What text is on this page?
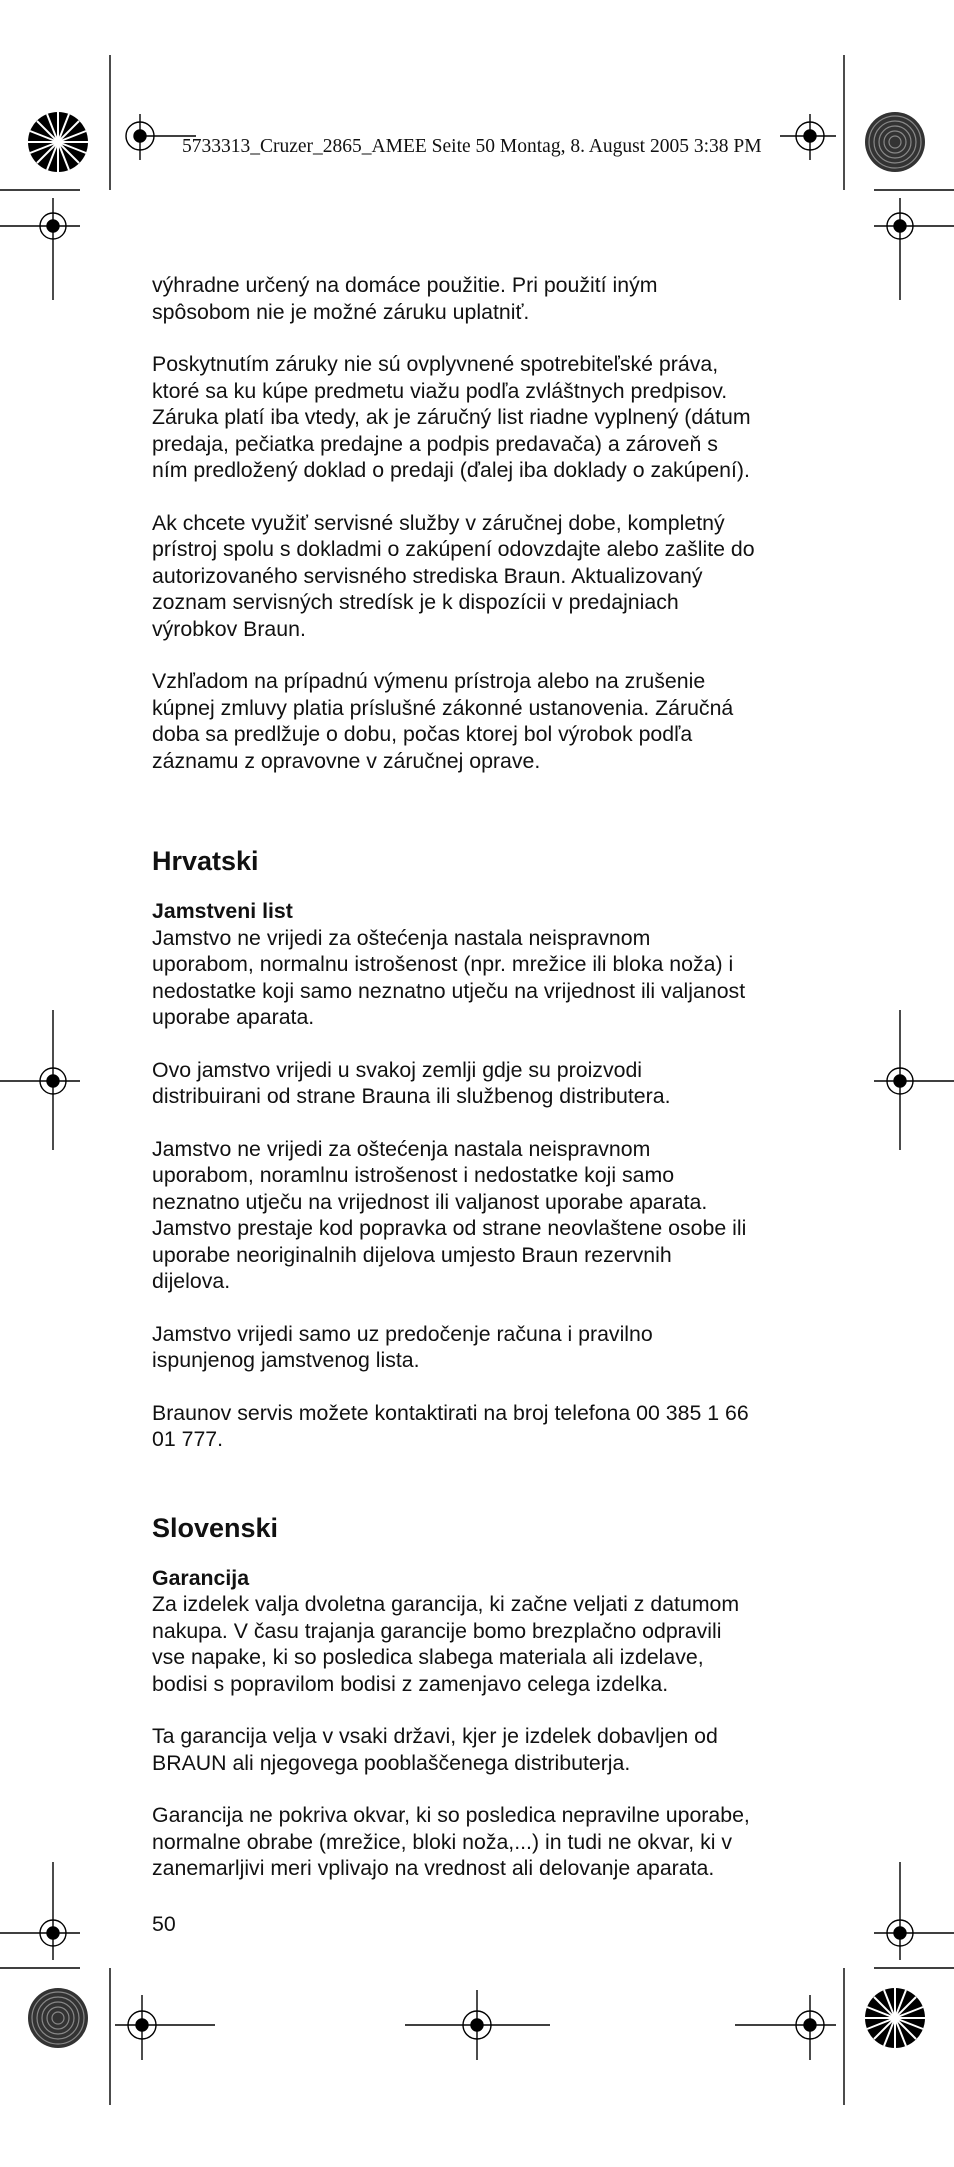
5733313_Cruzer_2865_AMEE Seite 50 Montag, 8. August 2005 3:38 PM
výhradne určený na domáce použitie. Pri použití iným
spôsobom nie je možné záruku uplatniť.
Poskytnutím záruky nie sú ovplyvnené spotrebiteľské práva,
ktoré sa ku kúpe predmetu viažu podľa zvláštnych predpisov.
Záruka platí iba vtedy, ak je záručný list riadne vyplnený (dátum
predaja, pečiatka predajne a podpis predavača) a zároveň s
ním predložený doklad o predaji (ďalej iba doklady o zakúpení).
Ak chcete využiť servisné služby v záručnej dobe, kompletný
prístroj spolu s dokladmi o zakúpení odovzdajte alebo zašlite do
autorizovaného servisného strediska Braun. Aktualizovaný
zoznam servisných stredísk je k dispozícii v predajniach
výrobkov Braun.
Vzhľadom na prípadnú výmenu prístroja alebo na zrušenie
kúpnej zmluvy platia príslušné zákonné ustanovenia. Záručná
doba sa predlžuje o dobu, počas ktorej bol výrobok podľa
záznamu z opravovne v záručnej oprave.
Hrvatski
Jamstveni list
Jamstvo ne vrijedi za oštećenja nastala neispravnom
uporabom, normalnu istrošenost (npr. mrežice ili bloka noža) i
nedostatke koji samo neznatno utječu na vrijednost ili valjanost
uporabe aparata.
Ovo jamstvo vrijedi u svakoj zemlji gdje su proizvodi
distribuirani od strane Brauna ili službenog distributera.
Jamstvo ne vrijedi za oštećenja nastala neispravnom
uporabom, noramlnu istrošenost i nedostatke koji samo
neznatno utječu na vrijednost ili valjanost uporabe aparata.
Jamstvo prestaje kod popravka od strane neovlaštene osobe ili
uporabe neoriginalnih dijelova umjesto Braun rezervnih
dijelova.
Jamstvo vrijedi samo uz predočenje računa i pravilno
ispunjenog jamstvenog lista.
Braunov servis možete kontaktirati na broj telefona 00 385 1 66
01 777.
Slovenski
Garancija
Za izdelek valja dvoletna garancija, ki začne veljati z datumom
nakupa. V času trajanja garancije bomo brezplačno odpravili
vse napake, ki so posledica slabega materiala ali izdelave,
bodisi s popravilom bodisi z zamenjavo celega izdelka.
Ta garancija velja v vsaki državi, kjer je izdelek dobavljen od
BRAUN ali njegovega pooblaščenega distributerja.
Garancija ne pokriva okvar, ki so posledica nepravilne uporabe,
normalne obrabe (mrežice, bloki noža,...) in tudi ne okvar, ki v
zanemarljivi meri vplivajo na vrednost ali delovanje aparata.
50
